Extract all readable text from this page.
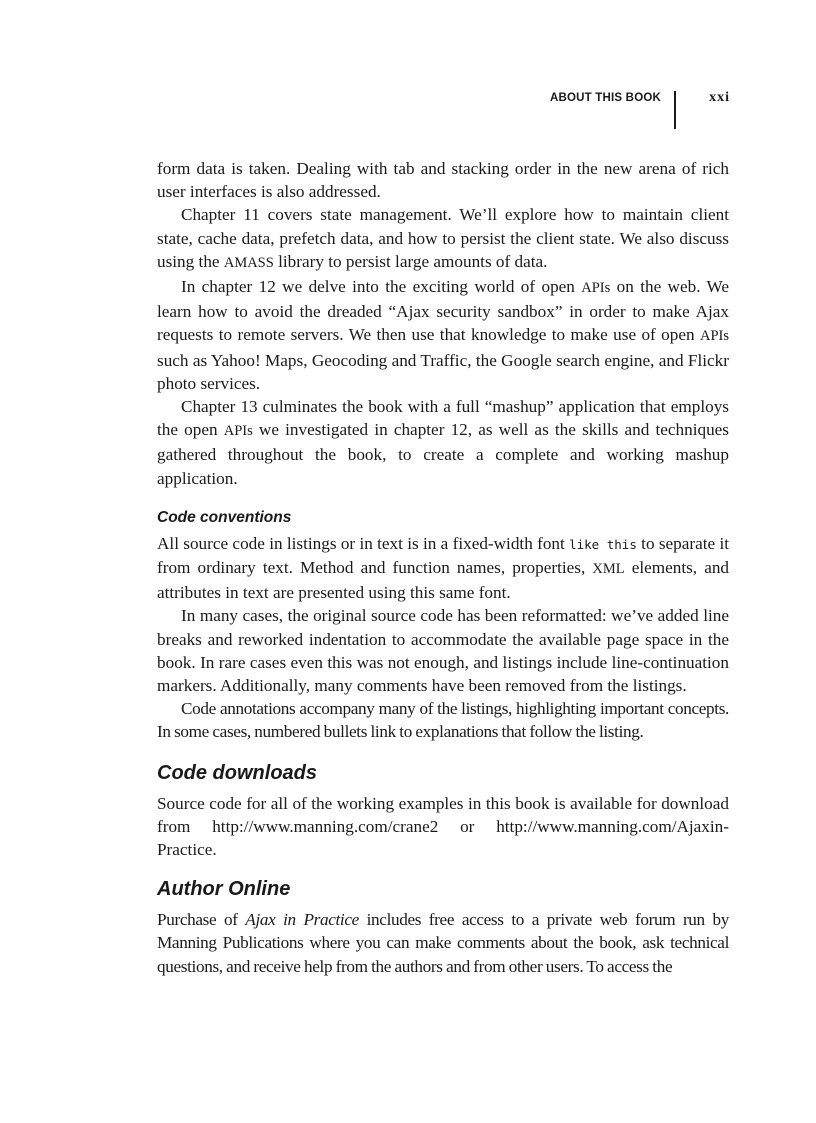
ABOUT THIS BOOK	xxi

form data is taken. Dealing with tab and stacking order in the new arena of rich user interfaces is also addressed.

Chapter 11 covers state management. We’ll explore how to maintain client state, cache data, prefetch data, and how to persist the client state. We also discuss using the AMASS library to persist large amounts of data.

In chapter 12 we delve into the exciting world of open APIs on the web. We learn how to avoid the dreaded “Ajax security sandbox” in order to make Ajax requests to remote servers. We then use that knowledge to make use of open APIs such as Yahoo! Maps, Geocoding and Traffic, the Google search engine, and Flickr photo services.

Chapter 13 culminates the book with a full “mashup” application that employs the open APIs we investigated in chapter 12, as well as the skills and techniques gathered throughout the book, to create a complete and working mashup application.

Code conventions

All source code in listings or in text is in a fixed-width font like this to separate it from ordinary text. Method and function names, properties, XML elements, and attributes in text are presented using this same font.

In many cases, the original source code has been reformatted: we’ve added line breaks and reworked indentation to accommodate the available page space in the book. In rare cases even this was not enough, and listings include line-continuation markers. Additionally, many comments have been removed from the listings.

Code annotations accompany many of the listings, highlighting important concepts. In some cases, numbered bullets link to explanations that follow the listing.

Code downloads

Source code for all of the working examples in this book is available for download from http://www.manning.com/crane2 or http://www.manning.com/Ajaxin-Practice.

Author Online

Purchase of Ajax in Practice includes free access to a private web forum run by Manning Publications where you can make comments about the book, ask technical questions, and receive help from the authors and from other users. To access the
